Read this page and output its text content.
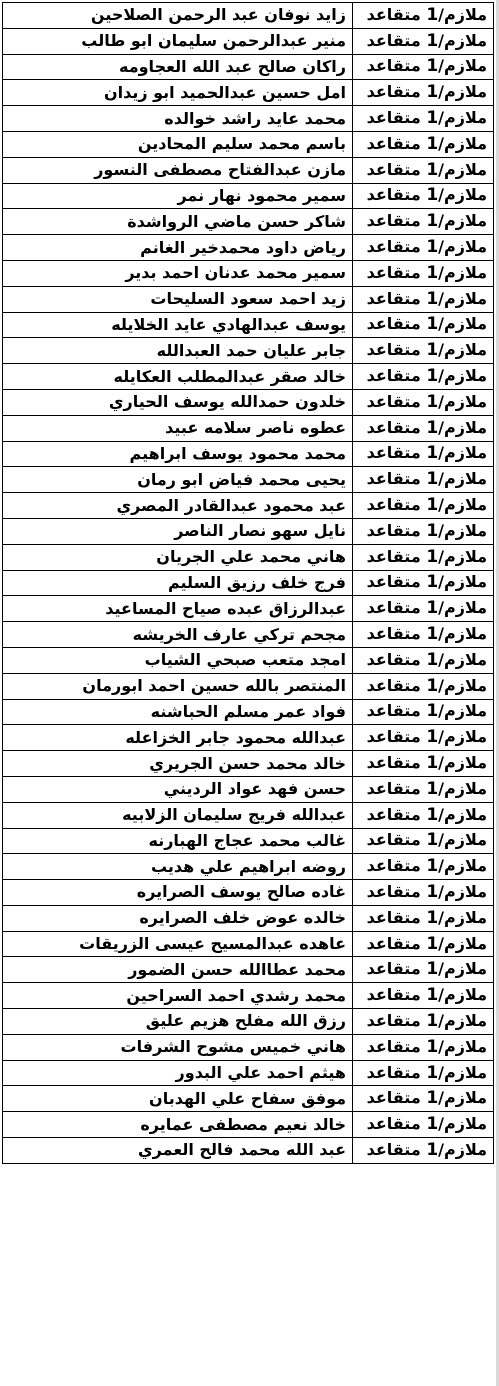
ملازم/1 متقاعد	زايد نوفان عبد الرحمن الصلاحين
ملازم/1 متقاعد	منير عبدالرحمن سليمان ابو طالب
ملازم/1 متقاعد	راكان صالح عبد الله العجاومه
ملازم/1 متقاعد	امل حسين عبدالحميد ابو زيدان
ملازم/1 متقاعد	محمد عايد راشد خوالده
ملازم/1 متقاعد	باسم محمد سليم المحادين
ملازم/1 متقاعد	مازن عبدالفتاح مصطفى النسور
ملازم/1 متقاعد	سمير محمود نهار نمر
ملازم/1 متقاعد	شاكر حسن ماضي الرواشدة
ملازم/1 متقاعد	رياض داود محمدخير الغانم
ملازم/1 متقاعد	سمير محمد عدنان احمد بدير
ملازم/1 متقاعد	زيد احمد سعود السليحات
ملازم/1 متقاعد	يوسف عبدالهادي عايد الخلايله
ملازم/1 متقاعد	جابر عليان حمد العبدالله
ملازم/1 متقاعد	خالد صقر عبدالمطلب العكايله
ملازم/1 متقاعد	خلدون حمدالله يوسف الحياري
ملازم/1 متقاعد	عطوه ناصر سلامه عبيد
ملازم/1 متقاعد	محمد محمود يوسف ابراهيم
ملازم/1 متقاعد	يحيى محمد فياض ابو رمان
ملازم/1 متقاعد	عبد محمود عبدالقادر المصري
ملازم/1 متقاعد	نايل سهو نصار الناصر
ملازم/1 متقاعد	هاني محمد علي الجريان
ملازم/1 متقاعد	فرج خلف رزيق السليم
ملازم/1 متقاعد	عبدالرزاق عبده صياح المساعيد
ملازم/1 متقاعد	مجحم تركي عارف الخريشه
ملازم/1 متقاعد	امجد متعب صبحي الشياب
ملازم/1 متقاعد	المنتصر بالله حسين احمد ابورمان
ملازم/1 متقاعد	فواد عمر مسلم الحباشنه
ملازم/1 متقاعد	عبدالله محمود جابر الخزاعله
ملازم/1 متقاعد	خالد محمد حسن الجريري
ملازم/1 متقاعد	حسن فهد عواد الرديني
ملازم/1 متقاعد	عبدالله فريج سليمان الزلابيه
ملازم/1 متقاعد	غالب محمد عجاج الهبارنه
ملازم/1 متقاعد	روضه ابراهيم علي هديب
ملازم/1 متقاعد	غاده صالح يوسف الصرايره
ملازم/1 متقاعد	خالده عوض خلف الصرايره
ملازم/1 متقاعد	عاهده عبدالمسيح عيسى الزريقات
ملازم/1 متقاعد	محمد عطاالله حسن الضمور
ملازم/1 متقاعد	محمد رشدي احمد السراحين
ملازم/1 متقاعد	رزق الله مفلح هزيم عليق
ملازم/1 متقاعد	هاني خميس مشوح الشرفات
ملازم/1 متقاعد	هيثم احمد علي البدور
ملازم/1 متقاعد	موفق سفاح علي الهدبان
ملازم/1 متقاعد	خالد نعيم مصطفى عمايره
ملازم/1 متقاعد	عبد الله محمد فالح العمري
